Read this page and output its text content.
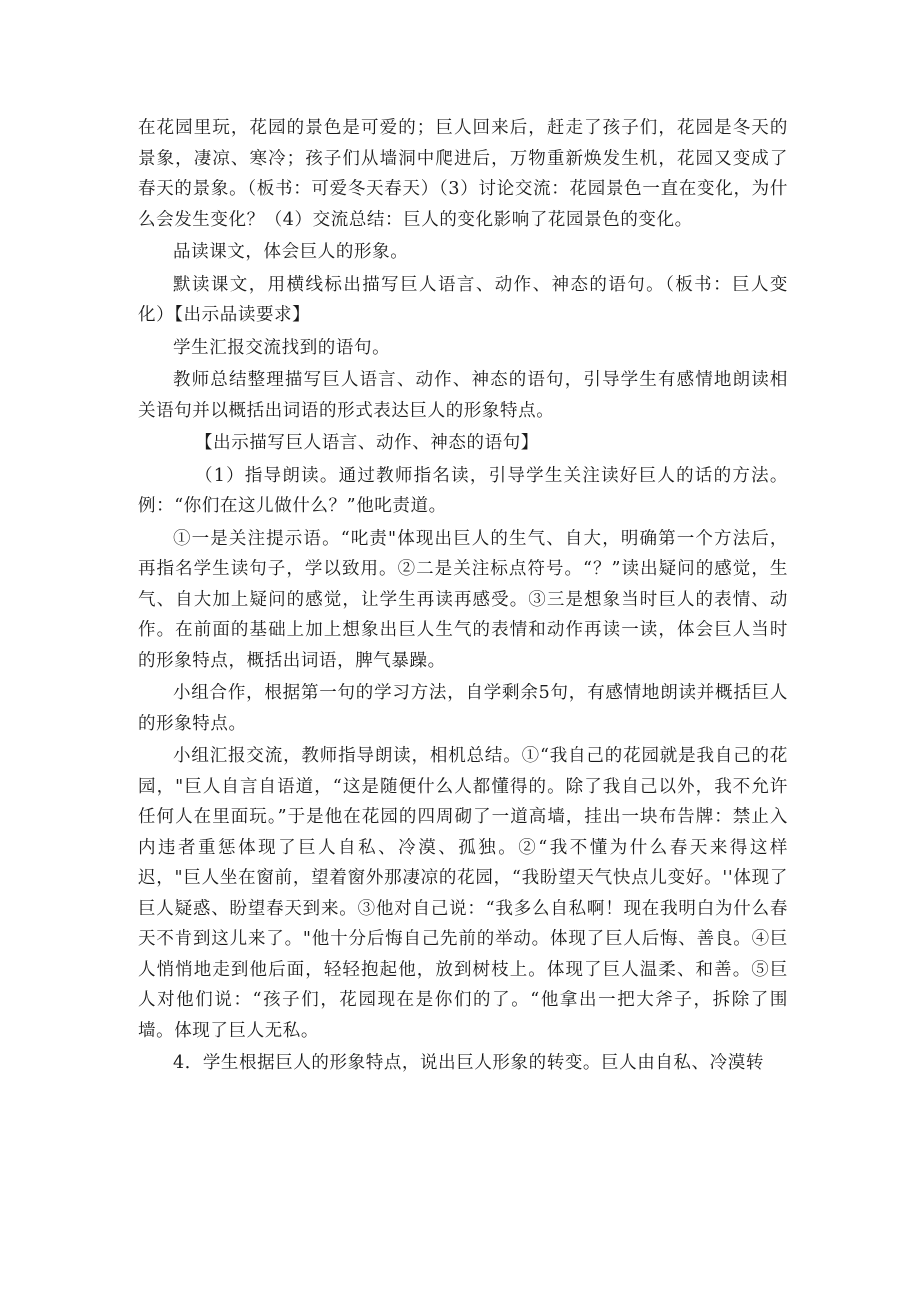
在花园里玩，花园的景色是可爱的；巨人回来后，赶走了孩子们，花园是冬天的景象，凄凉、寒冷；孩子们从墙洞中爬进后，万物重新焕发生机，花园又变成了春天的景象。（板书：可爱冬天春天）（3）讨论交流：花园景色一直在变化，为什么会发生变化？（4）交流总结：巨人的变化影响了花园景色的变化。

品读课文，体会巨人的形象。

默读课文，用横线标出描写巨人语言、动作、神态的语句。（板书：巨人变化）【出示品读要求】

学生汇报交流找到的语句。

教师总结整理描写巨人语言、动作、神态的语句，引导学生有感情地朗读相关语句并以概括出词语的形式表达巨人的形象特点。

【出示描写巨人语言、动作、神态的语句】

（1）指导朗读。通过教师指名读，引导学生关注读好巨人的话的方法。例：“你们在这儿做什么？”他叱责道。

①一是关注提示语。“叱责"体现出巨人的生气、自大，明确第一个方法后，再指名学生读句子，学以致用。②二是关注标点符号。“？”读出疑问的感觉，生气、自大加上疑问的感觉，让学生再读再感受。③三是想象当时巨人的表情、动作。在前面的基础上加上想象出巨人生气的表情和动作再读一读，体会巨人当时的形象特点，概括出词语，脾气暴躁。

小组合作，根据第一句的学习方法，自学剩余5句，有感情地朗读并概括巨人的形象特点。

小组汇报交流，教师指导朗读，相机总结。①“我自己的花园就是我自己的花园，"巨人自言自语道，“这是随便什么人都懂得的。除了我自己以外，我不允许任何人在里面玩。”于是他在花园的四周砌了一道高墙，挂出一块布告牌：禁止入内违者重惩体现了巨人自私、冷漠、孤独。②“我不懂为什么春天来得这样迟，"巨人坐在窗前，望着窗外那凄凉的花园，“我盼望天气快点儿变好。''体现了巨人疑惑、盼望春天到来。③他对自己说：“我多么自私啊！现在我明白为什么春天不肯到这儿来了。"他十分后悔自己先前的举动。体现了巨人后悔、善良。④巨人悄悄地走到他后面，轻轻抱起他，放到树枝上。体现了巨人温柔、和善。⑤巨人对他们说：“孩子们，花园现在是你们的了。“他拿出一把大斧子，拆除了围墙。体现了巨人无私。

4．学生根据巨人的形象特点，说出巨人形象的转变。巨人由自私、冷漠转
